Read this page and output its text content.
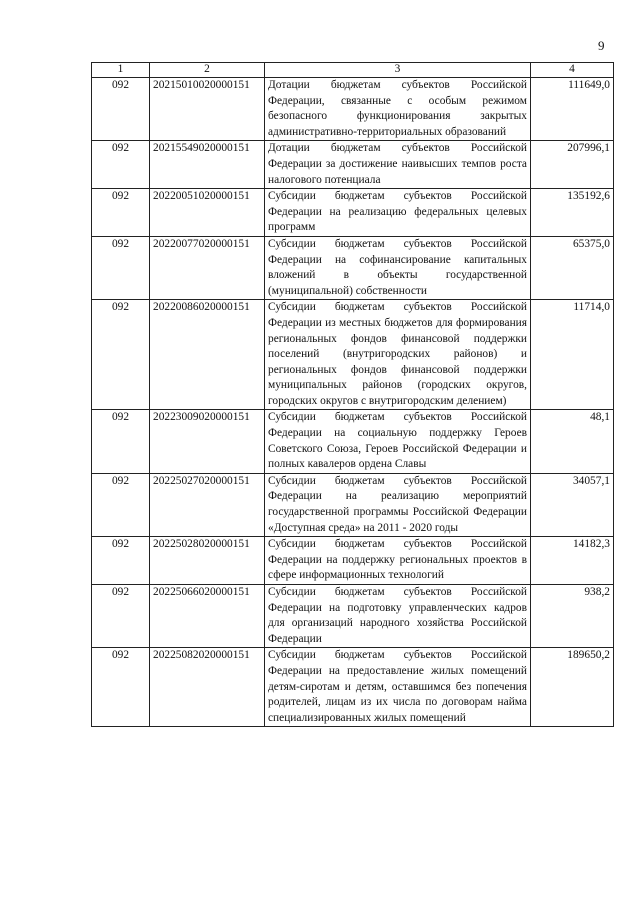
9
1	2	3	4
092	20215010020000151	Дотации бюджетам субъектов Российской Федерации, связанные с особым режимом безопасного функционирования закрытых административно-территориальных образований	111649,0
092	20215549020000151	Дотации бюджетам субъектов Российской Федерации за достижение наивысших темпов роста налогового потенциала	207996,1
092	20220051020000151	Субсидии бюджетам субъектов Российской Федерации на реализацию федеральных целевых программ	135192,6
092	20220077020000151	Субсидии бюджетам субъектов Российской Федерации на софинансирование капитальных вложений в объекты государственной (муниципальной) собственности	65375,0
092	20220086020000151	Субсидии бюджетам субъектов Российской Федерации из местных бюджетов для формирования региональных фондов финансовой поддержки поселений (внутригородских районов) и региональных фондов финансовой поддержки муниципальных районов (городских округов, городских округов с внутригородским делением)	11714,0
092	20223009020000151	Субсидии бюджетам субъектов Российской Федерации на социальную поддержку Героев Советского Союза, Героев Российской Федерации и полных кавалеров ордена Славы	48,1
092	20225027020000151	Субсидии бюджетам субъектов Российской Федерации на реализацию мероприятий государственной программы Российской Федерации «Доступная среда» на 2011 - 2020 годы	34057,1
092	20225028020000151	Субсидии бюджетам субъектов Российской Федерации на поддержку региональных проектов в сфере информационных технологий	14182,3
092	20225066020000151	Субсидии бюджетам субъектов Российской Федерации на подготовку управленческих кадров для организаций народного хозяйства Российской Федерации	938,2
092	20225082020000151	Субсидии бюджетам субъектов Российской Федерации на предоставление жилых помещений детям-сиротам и детям, оставшимся без попечения родителей, лицам из их числа по договорам найма специализированных жилых помещений	189650,2
